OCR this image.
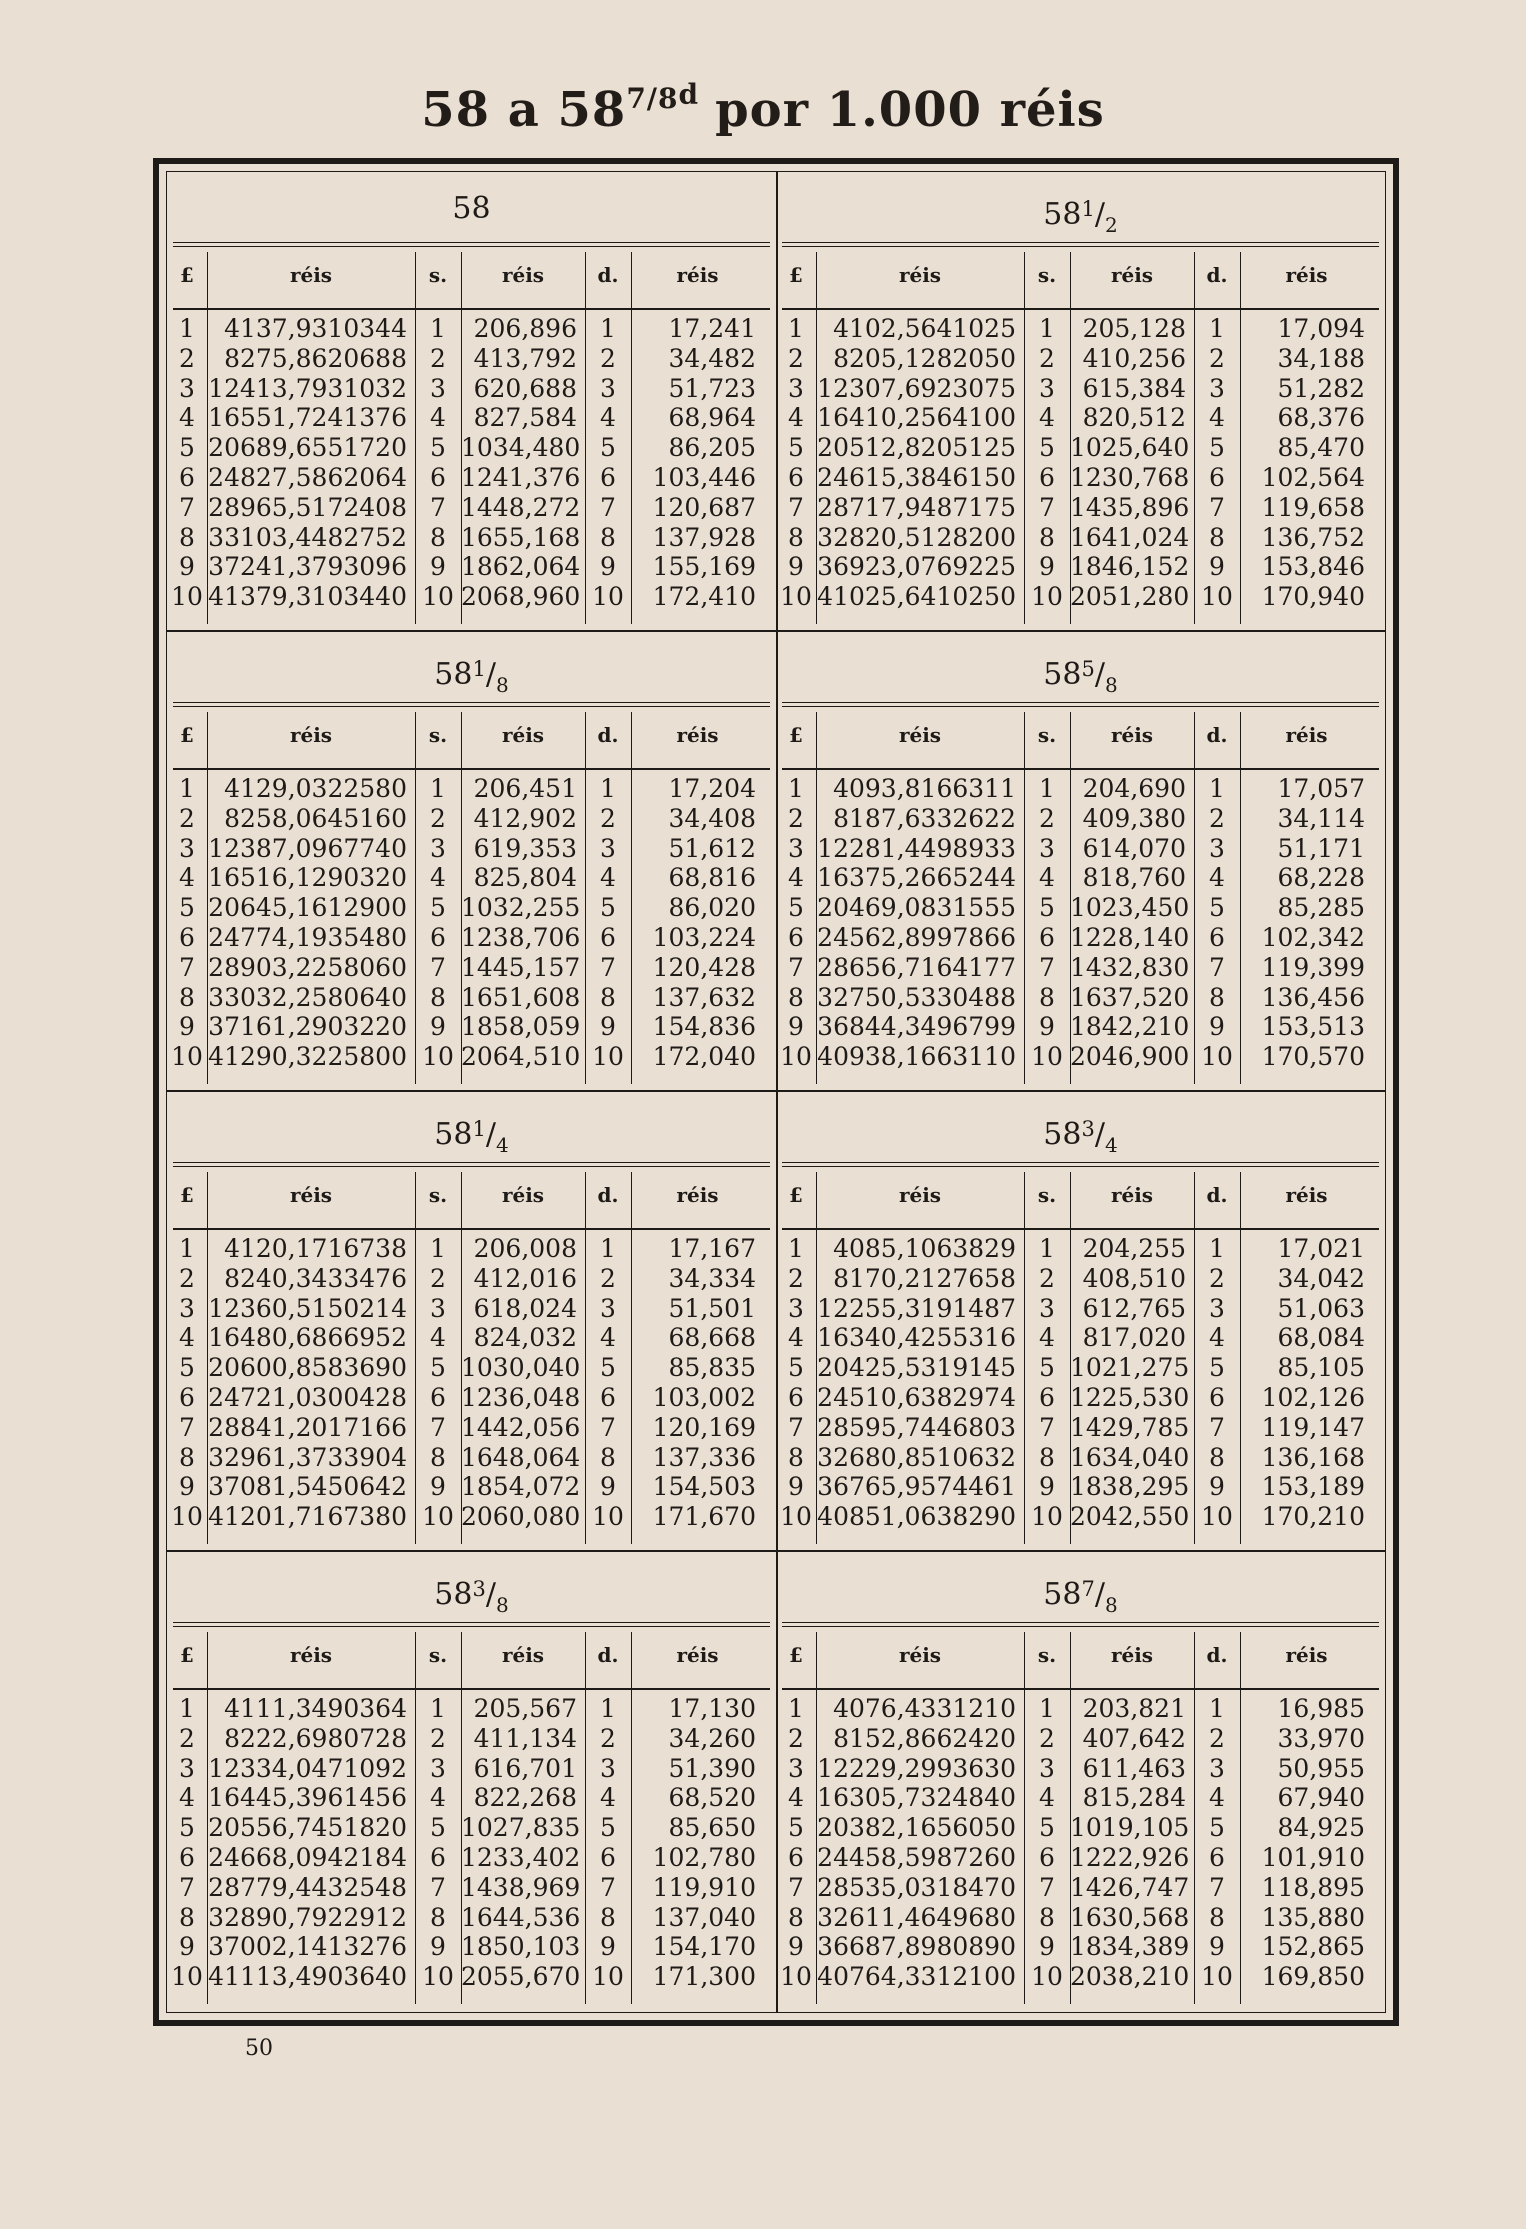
58 a $58^{7/8d}$ por 1.000 réis
58
£	réis	s.	réis	d.	réis
1	4137,9310344 1	206,896 1	17,241
2	8275,8620688 2	413,792 2	34,482
3 12413,7931032 3	620,688 3	51,723
4 16551,7241376 4	827,584 4	68,964
5 20689,6551720 5 1034,480 5	86,205
6 24827,5862064 6 1241,376 6	103,446
7 28965,5172408 7 1448,272 7	120,687
8 33103,4482752 8 1655,168 8	137,928
9 37241,3793096 9 1862,064 9	155,169
10 41379,3103440 10 2068,960 10	172,410
$58^1/_2$
£	réis	s.	réis	d.	réis
1	4102,5641025 1	205,128 1	17,094
2	8205,1282050 2	410,256 2	34,188
3 12307,6923075 3	615,384 3	51,282
4 16410,2564100 4	820,512 4	68,376
5 20512,8205125 5 1025,640 5	85,470
6 24615,3846150 6 1230,768 6	102,564
7 28717,9487175 7 1435,896 7	119,658
8 32820,5128200 8 1641,024 8	136,752
9 36923,0769225 9 1846,152 9	153,846
10 41025,6410250 10 2051,280 10	170,940
$58^1/_8$
£	réis	s.	réis	d.	réis
1	4129,0322580 1	206,451 1	17,204
2	8258,0645160 2	412,902 2	34,408
3 12387,0967740 3	619,353 3	51,612
4 16516,1290320 4	825,804 4	68,816
5 20645,1612900 5 1032,255 5	86,020
6 24774,1935480 6 1238,706 6	103,224
7 28903,2258060 7 1445,157 7	120,428
8 33032,2580640 8 1651,608 8	137,632
9 37161,2903220 9 1858,059 9	154,836
10 41290,3225800 10 2064,510 10	172,040
$58^5/_8$
£	réis	s.	réis	d.	réis
1	4093,8166311 1	204,690 1	17,057
2	8187,6332622 2	409,380 2	34,114
3 12281,4498933 3	614,070 3	51,171
4 16375,2665244 4	818,760 4	68,228
5 20469,0831555 5 1023,450 5	85,285
6 24562,8997866 6 1228,140 6	102,342
7 28656,7164177 7 1432,830 7	119,399
8 32750,5330488 8 1637,520 8	136,456
9 36844,3496799 9 1842,210 9	153,513
10 40938,1663110 10 2046,900 10	170,570
$58^1/_4$
£	réis	s.	réis	d.	réis
1	4120,1716738 1	206,008 1	17,167
2	8240,3433476 2	412,016 2	34,334
3 12360,5150214 3	618,024 3	51,501
4 16480,6866952 4	824,032 4	68,668
5 20600,8583690 5 1030,040 5	85,835
6 24721,0300428 6 1236,048 6	103,002
7 28841,2017166 7 1442,056 7	120,169
8 32961,3733904 8 1648,064 8	137,336
9 37081,5450642 9 1854,072 9	154,503
10 41201,7167380 10 2060,080 10	171,670
$58^3/_4$
£	réis	s.	réis	d.	réis
1	4085,1063829 1	204,255 1	17,021
2	8170,2127658 2	408,510 2	34,042
3 12255,3191487 3	612,765 3	51,063
4 16340,4255316 4	817,020 4	68,084
5 20425,5319145 5 1021,275 5	85,105
6 24510,6382974 6 1225,530 6	102,126
7 28595,7446803 7 1429,785 7	119,147
8 32680,8510632 8 1634,040 8	136,168
9 36765,9574461 9 1838,295 9	153,189
10 40851,0638290 10 2042,550 10	170,210
$58^3/_8$
£	réis	s.	réis	d.	réis
1	4111,3490364 1	205,567 1	17,130
2	8222,6980728 2	411,134 2	34,260
3 12334,0471092 3	616,701 3	51,390
4 16445,3961456 4	822,268 4	68,520
5 20556,7451820 5 1027,835 5	85,650
6 24668,0942184 6 1233,402 6	102,780
7 28779,4432548 7 1438,969 7	119,910
8 32890,7922912 8 1644,536 8	137,040
9 37002,1413276 9 1850,103 9	154,170
10 41113,4903640 10 2055,670 10	171,300
$58^7/_8$
£	réis	s.	réis	d.	réis
1	4076,4331210 1	203,821 1	16,985
2	8152,8662420 2	407,642 2	33,970
3 12229,2993630 3	611,463 3	50,955
4 16305,7324840 4	815,284 4	67,940
5 20382,1656050 5 1019,105 5	84,925
6 24458,5987260 6 1222,926 6	101,910
7 28535,0318470 7 1426,747 7	118,895
8 32611,4649680 8 1630,568 8	135,880
9 36687,8980890 9 1834,389 9	152,865
10 40764,3312100 10 2038,210 10	169,850
50
